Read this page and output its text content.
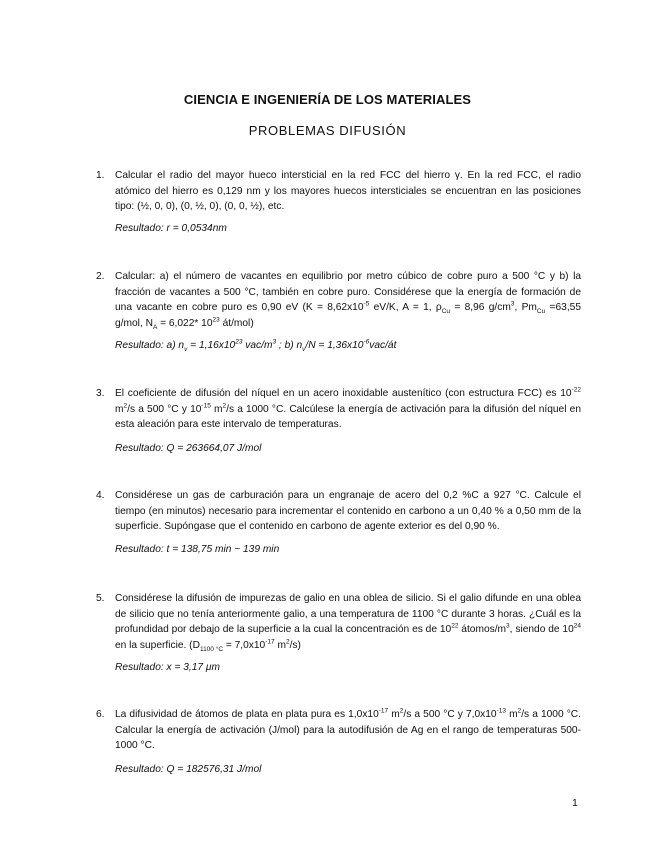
CIENCIA E INGENIERÍA DE LOS MATERIALES
PROBLEMAS DIFUSIÓN
1.	Calcular el radio del mayor hueco intersticial en la red FCC del hierro γ. En la red FCC, el radio atómico del hierro es 0,129 nm y los mayores huecos intersticiales se encuentran en las posiciones tipo: (½, 0, 0), (0, ½, 0), (0, 0, ½), etc.
Resultado: r = 0,0534nm
2.	Calcular: a) el número de vacantes en equilibrio por metro cúbico de cobre puro a 500 °C y b) la fracción de vacantes a 500 °C, también en cobre puro. Considérese que la energía de formación de una vacante en cobre puro es 0,90 eV ($K = 8,62x10^{-5}$ eV/K, A = 1, $\rho_{Cu} = 8,96$ $g/cm^3$, $Pm_{Cu} =63,55$ g/mol, $N_A = 6,022*$ $10^{23}$ át/mol)
Resultado: a) $n_v = 1,16x10^{23}$ vac/$m^3$ ; b) $n_v/N$ = $1,36x10^{-6}vac/át$
3.	El coeficiente de difusión del níquel en un acero inoxidable austenítico (con estructura FCC) es $10^{-22}$ $m^2/s$ a 500 °C y $10^{-15}$ $m^2/s$ a 1000 °C. Calcúlese la energía de activación para la difusión del níquel en esta aleación para este intervalo de temperaturas.
Resultado: Q = 263664,07 J/mol
4.	Considérese un gas de carburación para un engranaje de acero del 0,2 %C a 927 °C. Calcule el tiempo (en minutos) necesario para incrementar el contenido en carbono a un 0,40 % a 0,50 mm de la superficie. Supóngase que el contenido en carbono de agente exterior es del 0,90 %.
Resultado: t = 138,75 min ~ 139 min
5.	Considérese la difusión de impurezas de galio en una oblea de silicio. Si el galio difunde en una oblea de silicio que no tenía anteriormente galio, a una temperatura de 1100 °C durante 3 horas. ¿Cuál es la profundidad por debajo de la superficie a la cual la concentración es de $10^{22}$ átomos/$m^3$, siendo de $10^{24}$ en la superficie. ($D_{1100 ^\circ C} = 7,0x10^{-17}$ $m^2/s$)
Resultado: x = 3,17 μm
6.	La difusividad de átomos de plata en plata pura es $1,0x10^{-17}$ $m^2/s$ a 500 °C y $7,0x10^{-13}$ $m^2/s$ a 1000 °C. Calcular la energía de activación (J/mol) para la autodifusión de Ag en el rango de temperaturas 500-1000 °C.
Resultado: Q = 182576,31 J/mol
1
